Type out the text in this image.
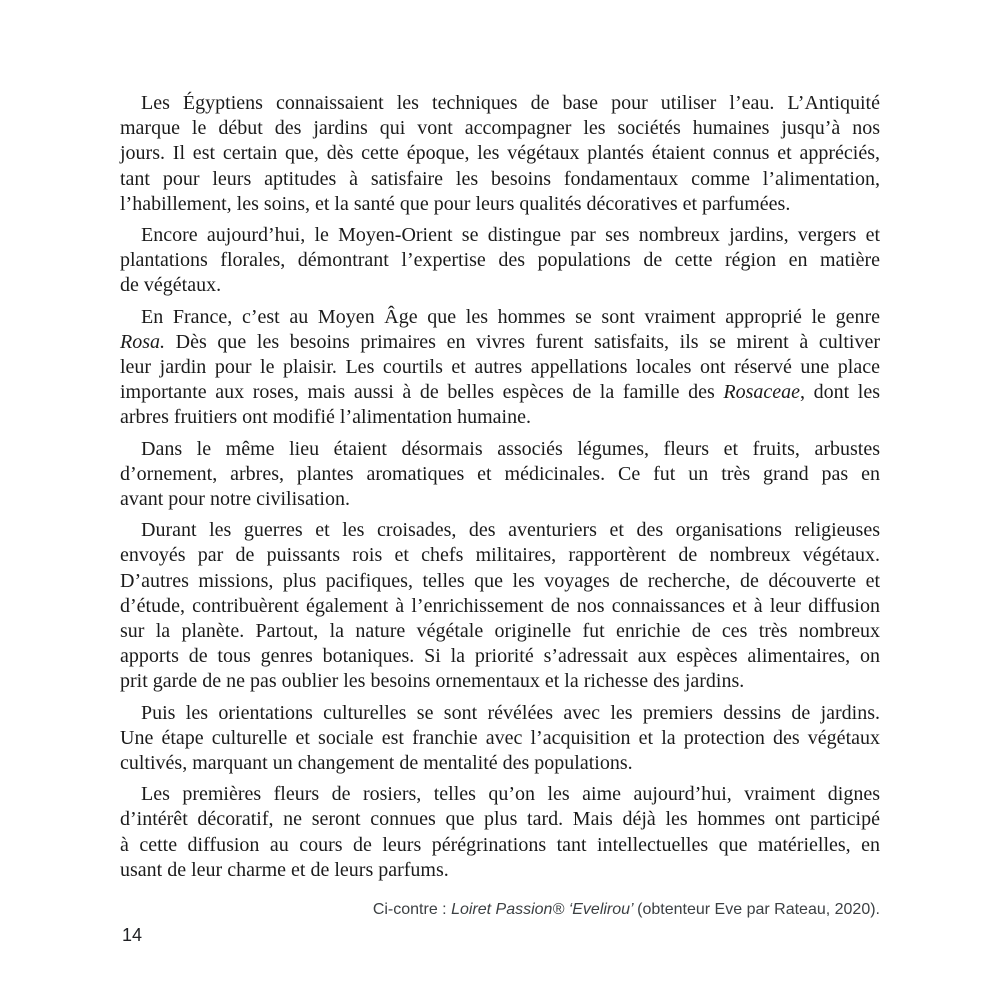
Les Égyptiens connaissaient les techniques de base pour utiliser l’eau. L’Antiquité
marque le début des jardins qui vont accompagner les sociétés humaines jusqu’à nos
jours. Il est certain que, dès cette époque, les végétaux plantés étaient connus et appréciés,
tant pour leurs aptitudes à satisfaire les besoins fondamentaux comme l’alimentation,
l’habillement, les soins, et la santé que pour leurs qualités décoratives et parfumées.
Encore aujourd’hui, le Moyen-Orient se distingue par ses nombreux jardins, vergers et
plantations florales, démontrant l’expertise des populations de cette région en matière
de végétaux.
En France, c’est au Moyen Âge que les hommes se sont vraiment approprié le genre
Rosa. Dès que les besoins primaires en vivres furent satisfaits, ils se mirent à cultiver
leur jardin pour le plaisir. Les courtils et autres appellations locales ont réservé une place
importante aux roses, mais aussi à de belles espèces de la famille des Rosaceae, dont les
arbres fruitiers ont modifié l’alimentation humaine.
Dans le même lieu étaient désormais associés légumes, fleurs et fruits, arbustes
d’ornement, arbres, plantes aromatiques et médicinales. Ce fut un très grand pas en
avant pour notre civilisation.
Durant les guerres et les croisades, des aventuriers et des organisations religieuses
envoyés par de puissants rois et chefs militaires, rapportèrent de nombreux végétaux.
D’autres missions, plus pacifiques, telles que les voyages de recherche, de découverte et
d’étude, contribuèrent également à l’enrichissement de nos connaissances et à leur diffusion
sur la planète. Partout, la nature végétale originelle fut enrichie de ces très nombreux
apports de tous genres botaniques. Si la priorité s’adressait aux espèces alimentaires, on
prit garde de ne pas oublier les besoins ornementaux et la richesse des jardins.
Puis les orientations culturelles se sont révélées avec les premiers dessins de jardins.
Une étape culturelle et sociale est franchie avec l’acquisition et la protection des végétaux
cultivés, marquant un changement de mentalité des populations.
Les premières fleurs de rosiers, telles qu’on les aime aujourd’hui, vraiment dignes
d’intérêt décoratif, ne seront connues que plus tard. Mais déjà les hommes ont participé
à cette diffusion au cours de leurs pérégrinations tant intellectuelles que matérielles, en
usant de leur charme et de leurs parfums.
Ci-contre : Loiret Passion® ‘Evelirou’ (obtenteur Eve par Rateau, 2020).
14
